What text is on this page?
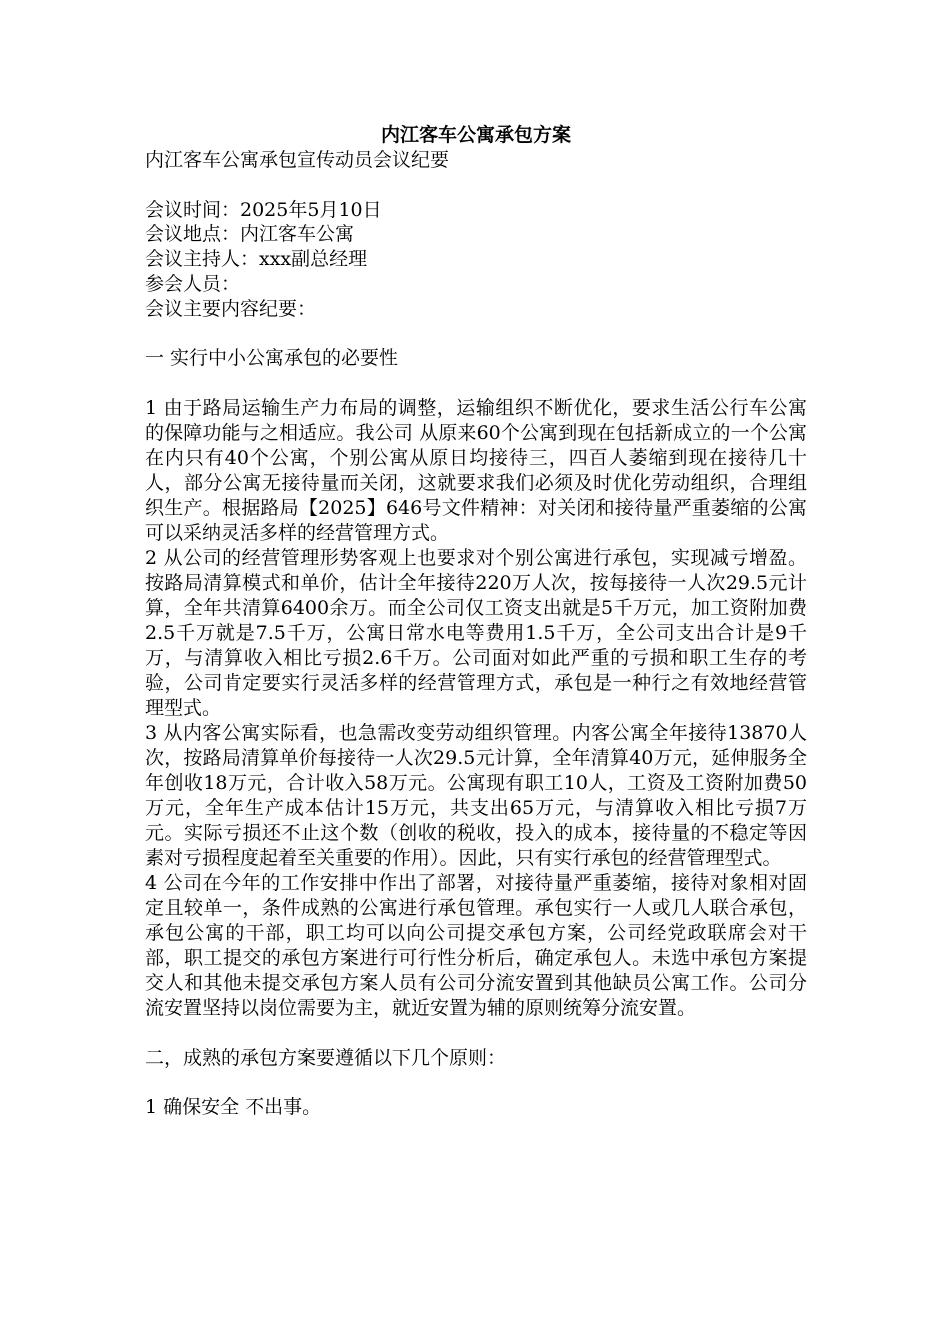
内江客车公寓承包方案

内江客车公寓承包宣传动员会议纪要

会议时间：2025年5月10日

会议地点：内江客车公寓

会议主持人：xxx副总经理

参会人员：

会议主要内容纪要：

一 实行中小公寓承包的必要性

1 由于路局运输生产力布局的调整，运输组织不断优化，要求生活公行车公寓的保障功能与之相适应。我公司 从原来60个公寓到现在包括新成立的一个公寓在内只有40个公寓，个别公寓从原日均接待三，四百人萎缩到现在接待几十人，部分公寓无接待量而关闭，这就要求我们必须及时优化劳动组织，合理组织生产。根据路局【2025】646号文件精神：对关闭和接待量严重萎缩的公寓可以采纳灵活多样的经营管理方式。

2 从公司的经营管理形势客观上也要求对个别公寓进行承包，实现减亏增盈。按路局清算模式和单价，估计全年接待220万人次，按每接待一人次29.5元计算，全年共清算6400余万。而全公司仅工资支出就是5千万元，加工资附加费2.5千万就是7.5千万，公寓日常水电等费用1.5千万，全公司支出合计是9千万，与清算收入相比亏损2.6千万。公司面对如此严重的亏损和职工生存的考验，公司肯定要实行灵活多样的经营管理方式，承包是一种行之有效地经营管理型式。

3 从内客公寓实际看，也急需改变劳动组织管理。内客公寓全年接待13870人次，按路局清算单价每接待一人次29.5元计算，全年清算40万元，延伸服务全年创收18万元，合计收入58万元。公寓现有职工10人，工资及工资附加费50万元，全年生产成本估计15万元，共支出65万元，与清算收入相比亏损7万元。实际亏损还不止这个数（创收的税收，投入的成本，接待量的不稳定等因素对亏损程度起着至关重要的作用）。因此，只有实行承包的经营管理型式。

4 公司在今年的工作安排中作出了部署，对接待量严重萎缩，接待对象相对固定且较单一，条件成熟的公寓进行承包管理。承包实行一人或几人联合承包，承包公寓的干部，职工均可以向公司提交承包方案，公司经党政联席会对干部，职工提交的承包方案进行可行性分析后，确定承包人。未选中承包方案提交人和其他未提交承包方案人员有公司分流安置到其他缺员公寓工作。公司分流安置坚持以岗位需要为主，就近安置为辅的原则统筹分流安置。

二，成熟的承包方案要遵循以下几个原则：

1 确保安全 不出事。
